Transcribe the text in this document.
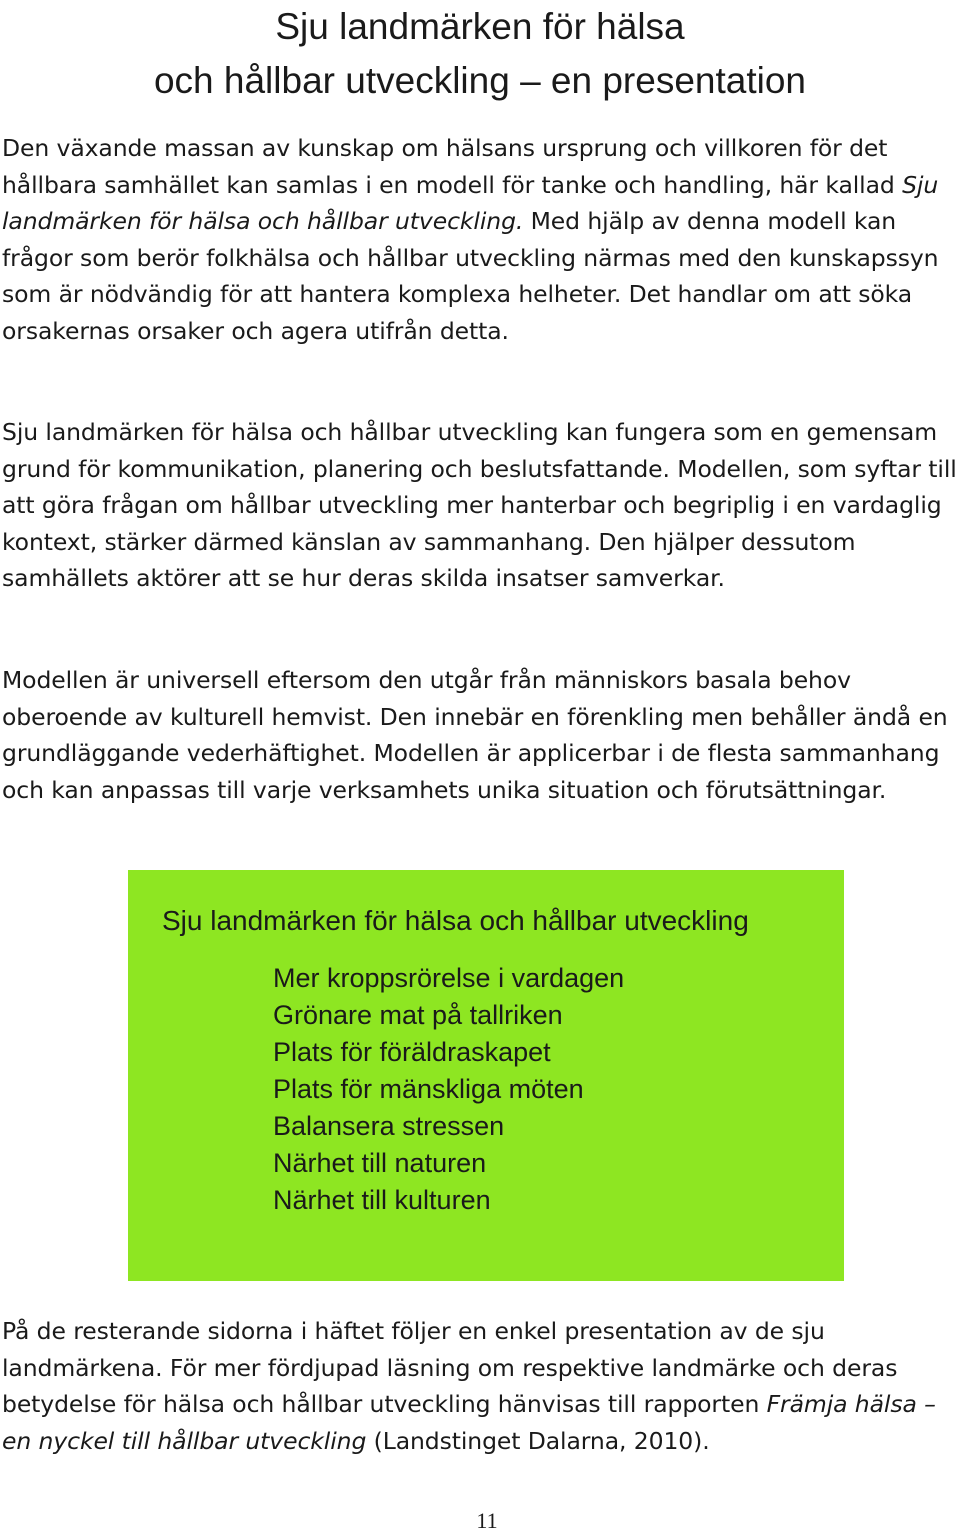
Sju landmärken för hälsa
och hållbar utveckling – en presentation

Den växande massan av kunskap om hälsans ursprung och villkoren för det hållbara samhället kan samlas i en modell för tanke och handling, här kallad Sju landmärken för hälsa och hållbar utveckling. Med hjälp av denna modell kan frågor som berör folkhälsa och hållbar utveckling närmas med den kunskapssyn som är nödvändig för att hantera komplexa helheter. Det handlar om att söka orsakernas orsaker och agera utifrån detta.

Sju landmärken för hälsa och hållbar utveckling kan fungera som en gemensam grund för kommunikation, planering och beslutsfattande. Modellen, som syftar till att göra frågan om hållbar utveckling mer hanterbar och begriplig i en vardaglig kontext, stärker därmed känslan av sammanhang. Den hjälper dessutom samhällets aktörer att se hur deras skilda insatser samverkar.

Modellen är universell eftersom den utgår från människors basala behov oberoende av kulturell hemvist. Den innebär en förenkling men behåller ändå en grundläggande vederhäftighet. Modellen är applicerbar i de flesta sammanhang och kan anpassas till varje verksamhets unika situation och förutsättningar.

Sju landmärken för hälsa och hållbar utveckling
Mer kroppsrörelse i vardagen
Grönare mat på tallriken
Plats för föräldraskapet
Plats för mänskliga möten
Balansera stressen
Närhet till naturen
Närhet till kulturen

På de resterande sidorna i häftet följer en enkel presentation av de sju landmärkena. För mer fördjupad läsning om respektive landmärke och deras betydelse för hälsa och hållbar utveckling hänvisas till rapporten Främja hälsa – en nyckel till hållbar utveckling (Landstinget Dalarna, 2010).

11
